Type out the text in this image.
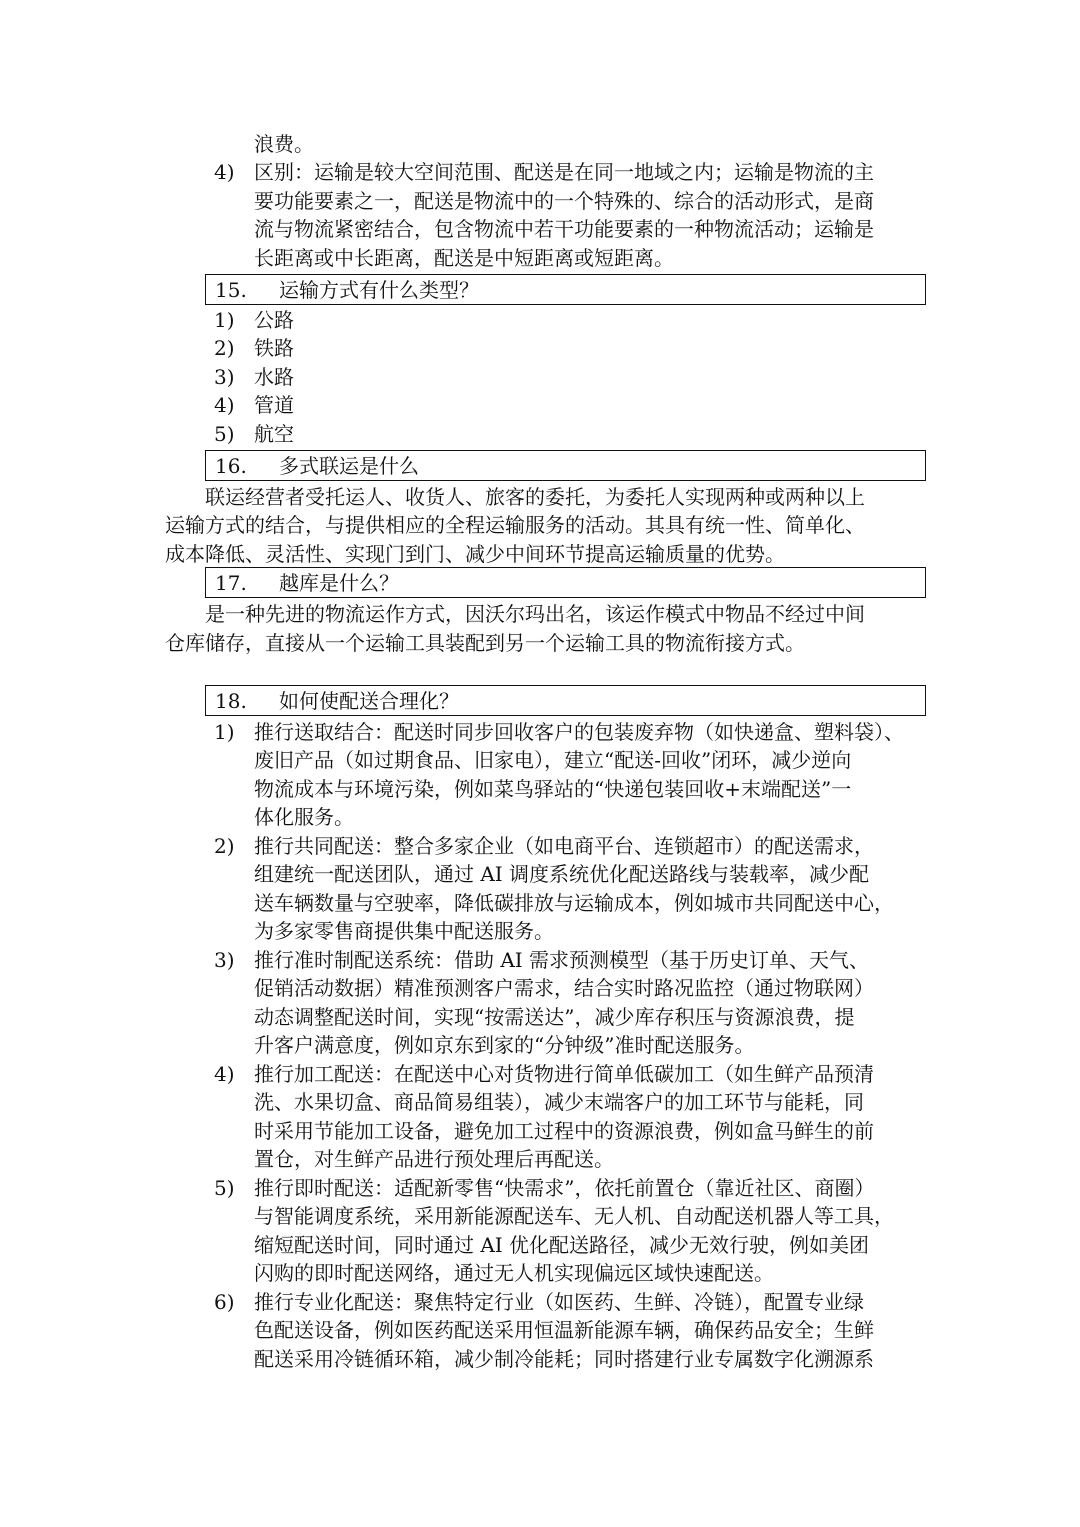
浪费。
4) 区别：运输是较大空间范围、配送是在同一地域之内；运输是物流的主
要功能要素之一，配送是物流中的一个特殊的、综合的活动形式，是商
流与物流紧密结合，包含物流中若干功能要素的一种物流活动；运输是
长距离或中长距离，配送是中短距离或短距离。
15. 运输方式有什么类型？
1) 公路
2) 铁路
3) 水路
4) 管道
5) 航空
16. 多式联运是什么
联运经营者受托运人、收货人、旅客的委托，为委托人实现两种或两种以上
运输方式的结合，与提供相应的全程运输服务的活动。其具有统一性、简单化、
成本降低、灵活性、实现门到门、减少中间环节提高运输质量的优势。
17. 越库是什么？
是一种先进的物流运作方式，因沃尔玛出名，该运作模式中物品不经过中间
仓库储存，直接从一个运输工具装配到另一个运输工具的物流衔接方式。
18. 如何使配送合理化？
1) 推行送取结合：配送时同步回收客户的包装废弃物（如快递盒、塑料袋）、
废旧产品（如过期食品、旧家电），建立“配送-回收”闭环，减少逆向
物流成本与环境污染，例如菜鸟驿站的“快递包装回收+末端配送”一
体化服务。
2) 推行共同配送：整合多家企业（如电商平台、连锁超市）的配送需求，
组建统一配送团队，通过 AI 调度系统优化配送路线与装载率，减少配
送车辆数量与空驶率，降低碳排放与运输成本，例如城市共同配送中心，
为多家零售商提供集中配送服务。
3) 推行准时制配送系统：借助 AI 需求预测模型（基于历史订单、天气、
促销活动数据）精准预测客户需求，结合实时路况监控（通过物联网）
动态调整配送时间，实现“按需送达”，减少库存积压与资源浪费，提
升客户满意度，例如京东到家的“分钟级”准时配送服务。
4) 推行加工配送：在配送中心对货物进行简单低碳加工（如生鲜产品预清
洗、水果切盒、商品简易组装），减少末端客户的加工环节与能耗，同
时采用节能加工设备，避免加工过程中的资源浪费，例如盒马鲜生的前
置仓，对生鲜产品进行预处理后再配送。
5) 推行即时配送：适配新零售“快需求”，依托前置仓（靠近社区、商圈）
与智能调度系统，采用新能源配送车、无人机、自动配送机器人等工具，
缩短配送时间，同时通过 AI 优化配送路径，减少无效行驶，例如美团
闪购的即时配送网络，通过无人机实现偏远区域快速配送。
6) 推行专业化配送：聚焦特定行业（如医药、生鲜、冷链），配置专业绿
色配送设备，例如医药配送采用恒温新能源车辆，确保药品安全；生鲜
配送采用冷链循环箱，减少制冷能耗；同时搭建行业专属数字化溯源系
